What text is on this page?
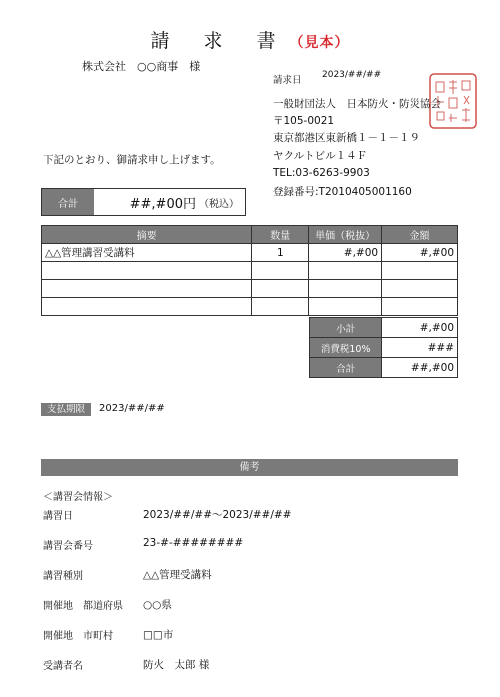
請 求 書（見本）
株式会社　○○商事　様
請求日 2023/##/##
一般財団法人　日本防火・防災協会
〒105-0021
東京都港区東新橋１－１－１９
ヤクルトビル１４Ｆ
TEL:03-6263-9903
登録番号:T2010405001160
下記のとおり、御請求申し上げます。
合計	##,#00円 （税込）
摘要	数量	単価（税抜）	金額
△△管理講習受講料	1	#,#00	#,#00

小計	#,#00
消費税10%	###
合計	##,#00
支払期限	2023/##/##
備考
＜講習会情報＞
講習日	2023/##/##～2023/##/##
講習会番号	23-#-########
講習種別	△△管理受講料
開催地　都道府県 ○○県
開催地　市町村	□□市
受講者名	防火　太郎 様
